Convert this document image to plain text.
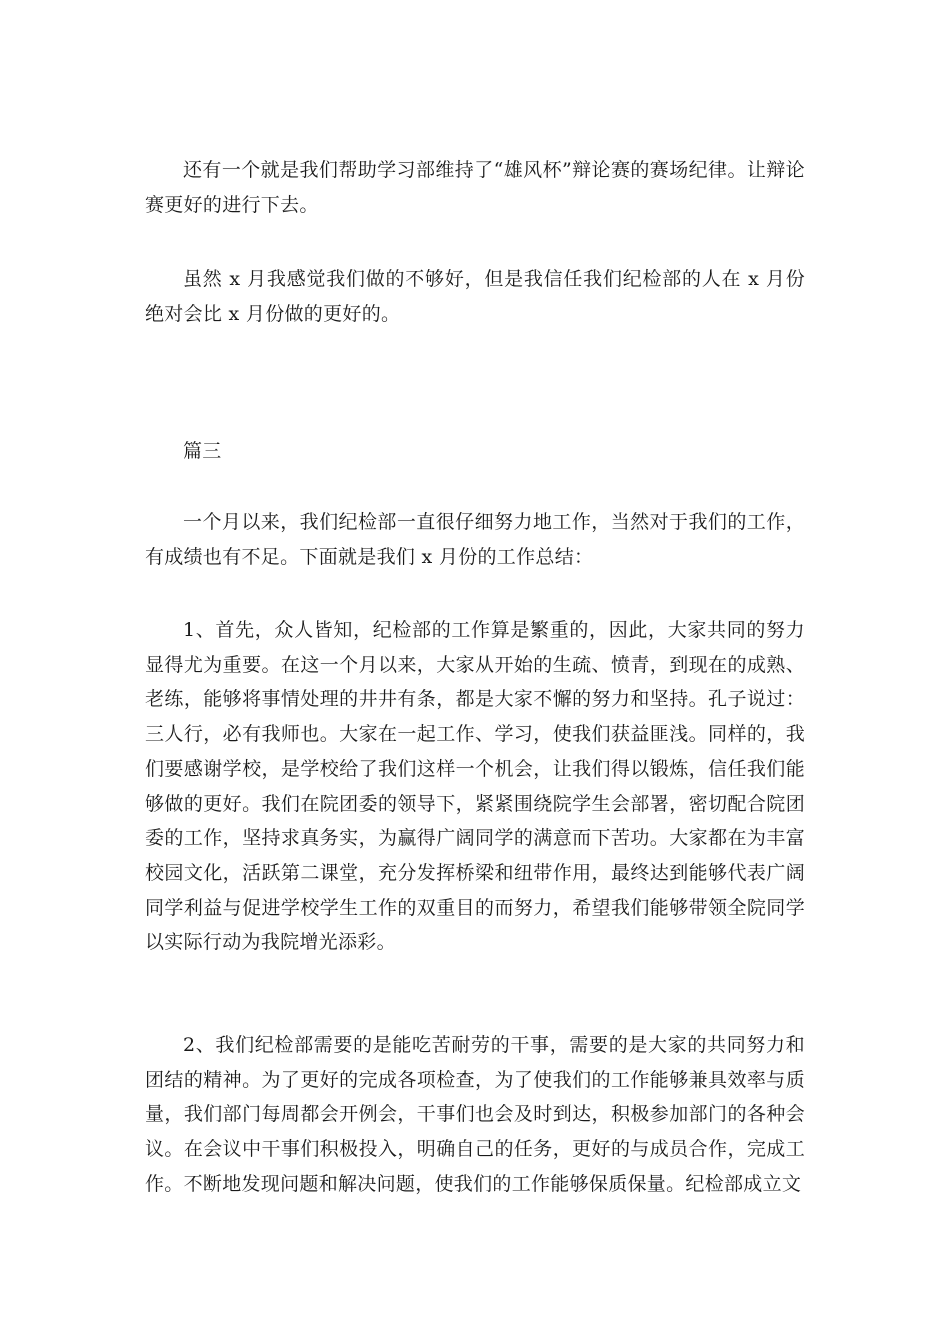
还有一个就是我们帮助学习部维持了“雄风杯”辩论赛的赛场纪律。让辩论赛更好的进行下去。

虽然 x 月我感觉我们做的不够好，但是我信任我们纪检部的人在 x 月份绝对会比 x 月份做的更好的。

篇三

一个月以来，我们纪检部一直很仔细努力地工作，当然对于我们的工作，有成绩也有不足。下面就是我们 x 月份的工作总结：

1、首先，众人皆知，纪检部的工作算是繁重的，因此，大家共同的努力显得尤为重要。在这一个月以来，大家从开始的生疏、愤青，到现在的成熟、老练，能够将事情处理的井井有条，都是大家不懈的努力和坚持。孔子说过：三人行，必有我师也。大家在一起工作、学习，使我们获益匪浅。同样的，我们要感谢学校，是学校给了我们这样一个机会，让我们得以锻炼，信任我们能够做的更好。我们在院团委的领导下，紧紧围绕院学生会部署，密切配合院团委的工作，坚持求真务实，为赢得广阔同学的满意而下苦功。大家都在为丰富校园文化，活跃第二课堂，充分发挥桥梁和纽带作用，最终达到能够代表广阔同学利益与促进学校学生工作的双重目的而努力，希望我们能够带领全院同学以实际行动为我院增光添彩。

2、我们纪检部需要的是能吃苦耐劳的干事，需要的是大家的共同努力和团结的精神。为了更好的完成各项检查，为了使我们的工作能够兼具效率与质量，我们部门每周都会开例会，干事们也会及时到达，积极参加部门的各种会议。在会议中干事们积极投入，明确自己的任务，更好的与成员合作，完成工作。不断地发现问题和解决问题，使我们的工作能够保质保量。纪检部成立文
